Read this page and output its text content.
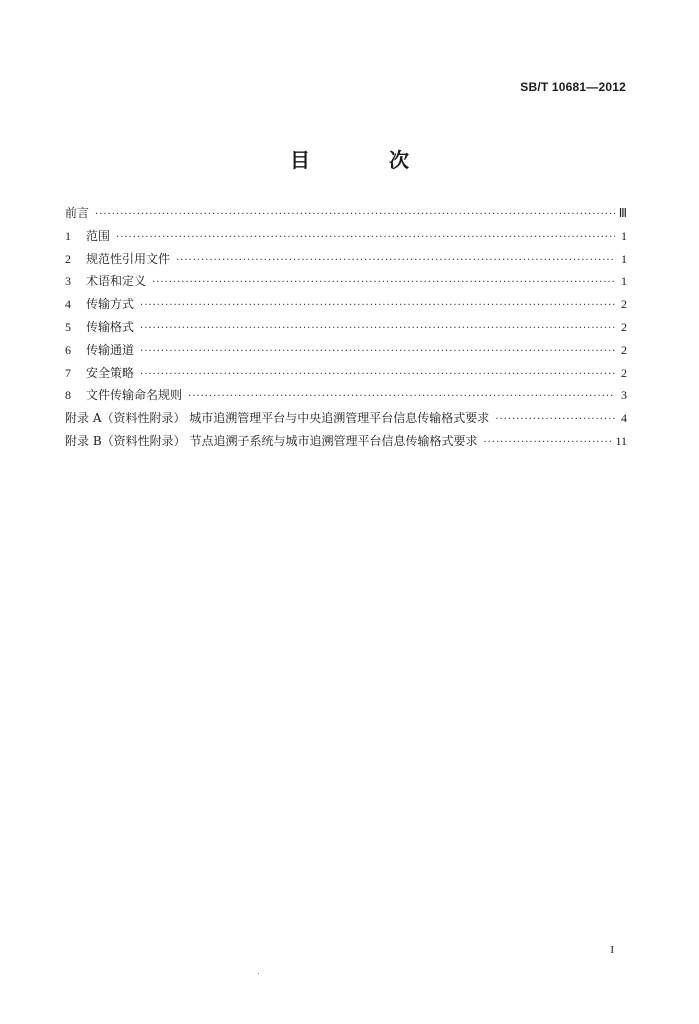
SB/T 10681—2012
目 次
前言 ·····	Ⅲ
1 范围 ·····	1
2 规范性引用文件 ·····	1
3 术语和定义 ·····	1
4 传输方式 ·····	2
5 传输格式 ·····	2
6 传输通道 ·····	2
7 安全策略 ·····	2
8 文件传输命名规则 ·····	3
附录 A（资料性附录） 城市追溯管理平台与中央追溯管理平台信息传输格式要求 ·····	4
附录 B（资料性附录） 节点追溯子系统与城市追溯管理平台信息传输格式要求 ·····	11
I
